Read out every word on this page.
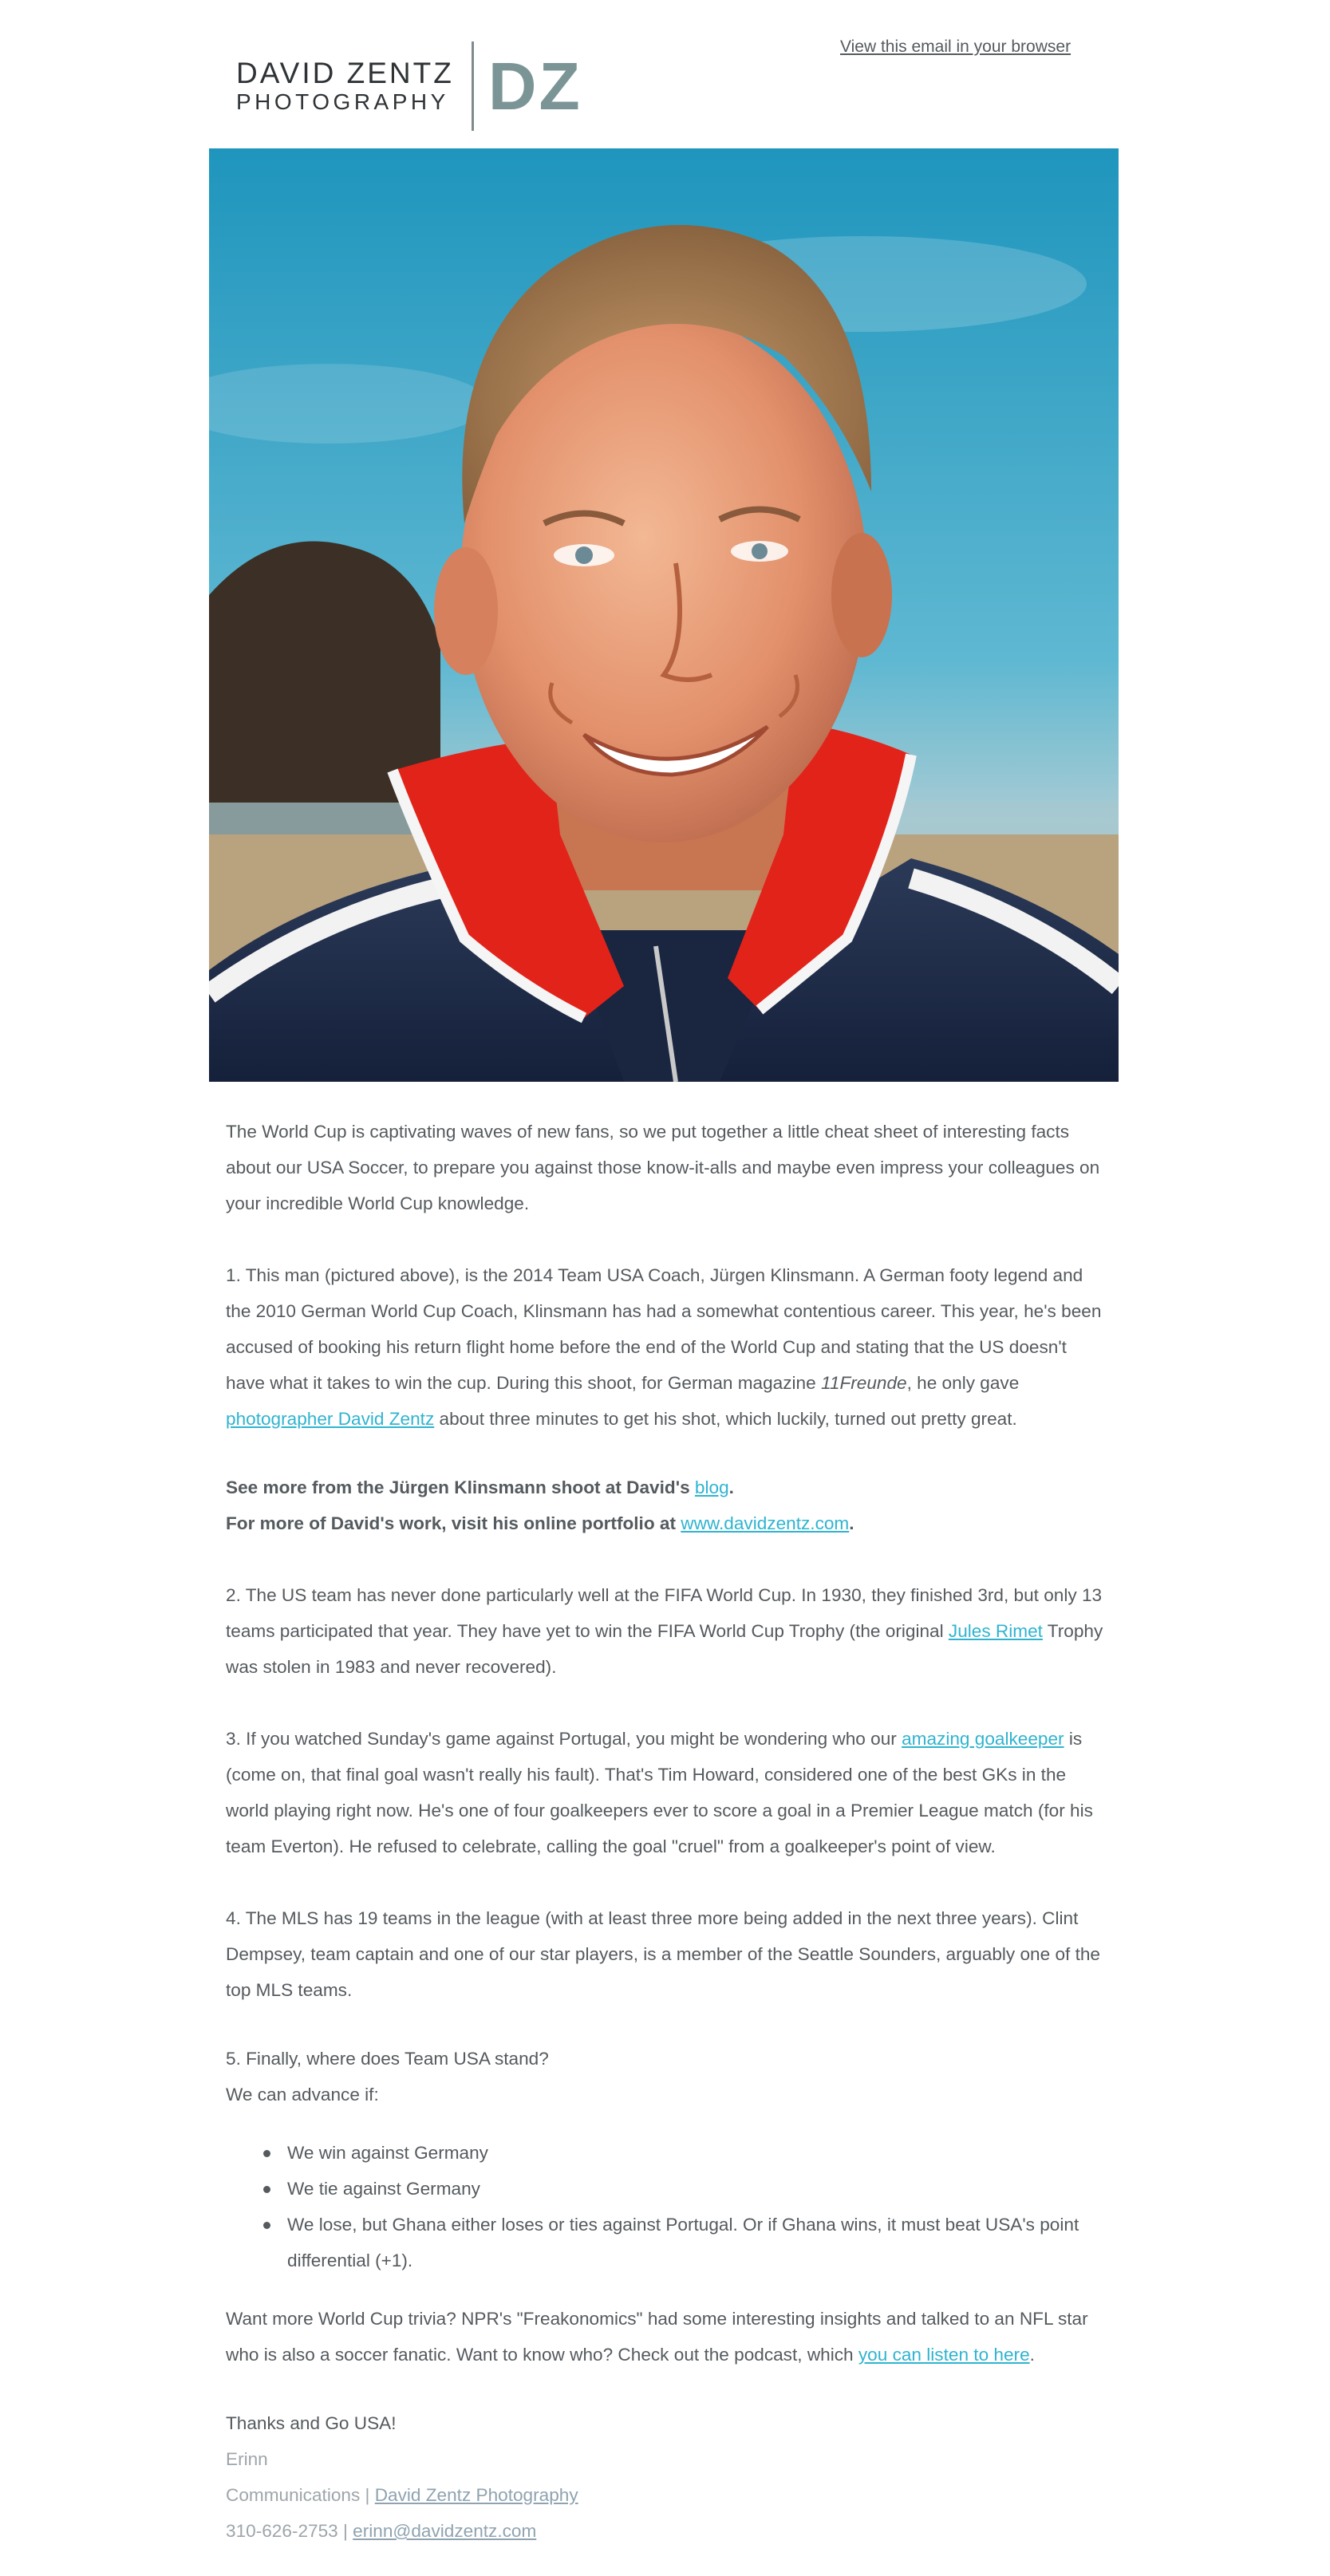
DAVID ZENTZ
PHOTOGRAPHY DZ
View this email in your browser

The World Cup is captivating waves of new fans, so we put together a little cheat sheet of interesting facts about our USA Soccer, to prepare you against those know-it-alls and maybe even impress your colleagues on your incredible World Cup knowledge.

1. This man (pictured above), is the 2014 Team USA Coach, Jürgen Klinsmann. A German footy legend and the 2010 German World Cup Coach, Klinsmann has had a somewhat contentious career. This year, he's been accused of booking his return flight home before the end of the World Cup and stating that the US doesn't have what it takes to win the cup. During this shoot, for German magazine 11Freunde, he only gave photographer David Zentz about three minutes to get his shot, which luckily, turned out pretty great.

See more from the Jürgen Klinsmann shoot at David's blog.

For more of David's work, visit his online portfolio at www.davidzentz.com.

2. The US team has never done particularly well at the FIFA World Cup. In 1930, they finished 3rd, but only 13 teams participated that year. They have yet to win the FIFA World Cup Trophy (the original Jules Rimet Trophy was stolen in 1983 and never recovered).

3. If you watched Sunday's game against Portugal, you might be wondering who our amazing goalkeeper is (come on, that final goal wasn't really his fault). That's Tim Howard, considered one of the best GKs in the world playing right now. He's one of four goalkeepers ever to score a goal in a Premier League match (for his team Everton). He refused to celebrate, calling the goal "cruel" from a goalkeeper's point of view.

4. The MLS has 19 teams in the league (with at least three more being added in the next three years). Clint Dempsey, team captain and one of our star players, is a member of the Seattle Sounders, arguably one of the top MLS teams.

5. Finally, where does Team USA stand?

We can advance if:

We win against Germany
We tie against Germany
We lose, but Ghana either loses or ties against Portugal. Or if Ghana wins, it must beat USA's point differential (+1).

Want more World Cup trivia? NPR's "Freakonomics" had some interesting insights and talked to an NFL star who is also a soccer fanatic. Want to know who? Check out the podcast, which you can listen to here.

Thanks and Go USA!

Erinn

Communications | David Zentz Photography

310-626-2753 | erinn@davidzentz.com
